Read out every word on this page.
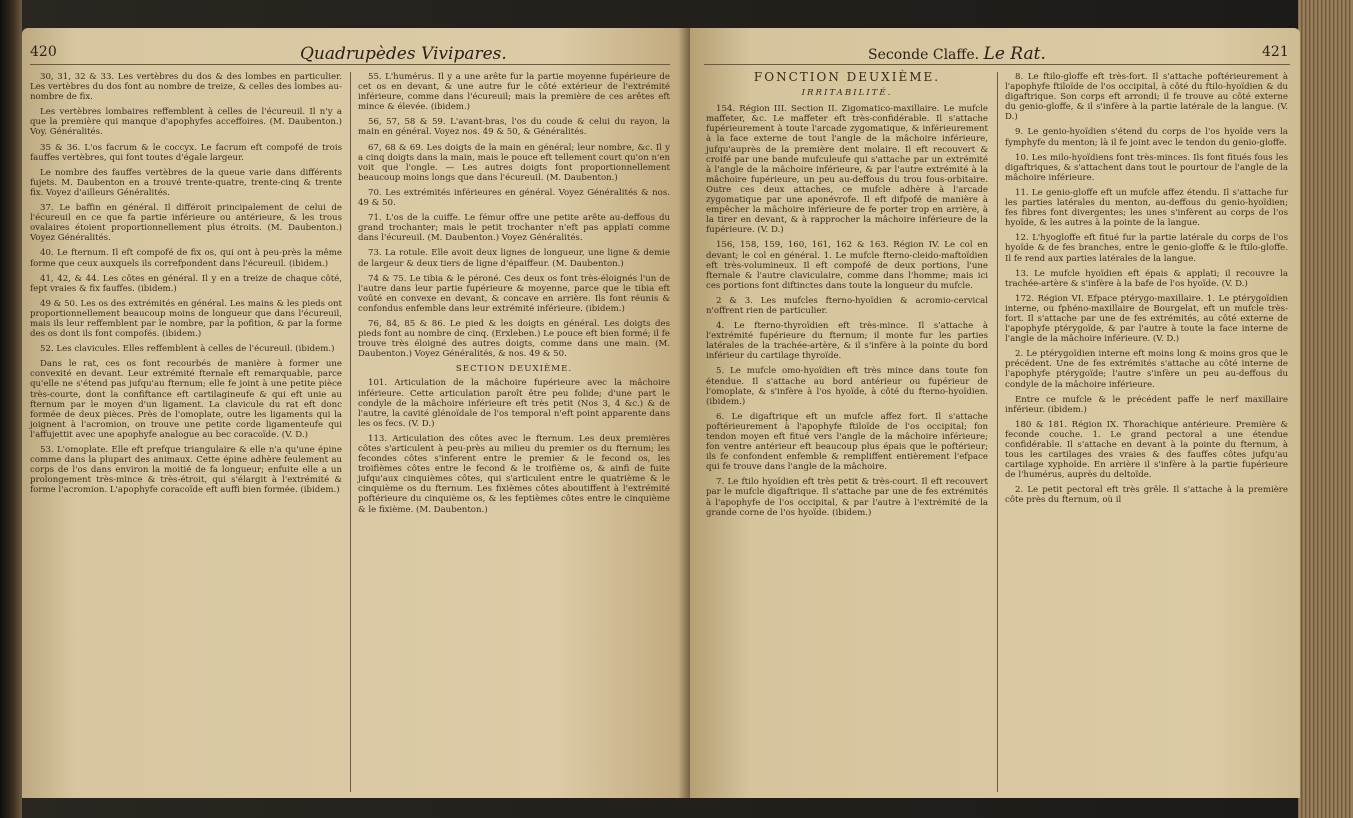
420	Quadrupèdes Vivipares.

30, 31, 32 & 33. Les vertèbres du dos & des lombes en particulier. Les vertèbres du dos font au nombre de treize, & celles des lombes au-nombre de fix.

Les vertèbres lombaires reffemblent à celles de l'écureuil. Il n'y a que la première qui manque d'apophyfes acceffoires. (M. Daubenton.) Voy. Généralités.

35 & 36. L'os facrum & le coccyx. Le facrum eft compofé de trois fauffes vertèbres, qui font toutes d'égale largeur.

Le nombre des fauffes vertèbres de la queue varie dans différents fujets. M. Daubenton en a trouvé trente-quatre, trente-cinq & trente fix. Voyez d'ailleurs Généralités.

37. Le baffin en général. Il différoit principalement de celui de l'écureuil en ce que fa partie inférieure ou antérieure, & les trous ovalaires étoient proportionnellement plus étroits. (M. Daubenton.) Voyez Généralités.

40. Le fternum. Il eft compofé de fix os, qui ont à peu-près la même forme que ceux auxquels ils correfpondent dans l'écureuil. (ibidem.)

41, 42, & 44. Les côtes en général. Il y en a treize de chaque côté, fept vraies & fix fauffes. (ibidem.)

49 & 50. Les os des extrémités en général. Les mains & les pieds ont proportionnellement beaucoup moins de longueur que dans l'écureuil, mais ils leur reffemblent par le nombre, par la pofition, & par la forme des os dont ils font compofés. (ibidem.)

52. Les clavicules. Elles reffemblent à celles de l'écureuil. (ibidem.)

Dans le rat, ces os font recourbés de manière à former une convexité en devant. Leur extrémité fternale eft remarquable, parce qu'elle ne s'étend pas jufqu'au fternum; elle fe joint à une petite pièce très-courte, dont la confiftance eft cartilagineufe & qui eft unie au fternum par le moyen d'un ligament. La clavicule du rat eft donc formée de deux pièces. Près de l'omoplate, outre les ligaments qui la joignent à l'acromion, on trouve une petite corde ligamenteufe qui l'affujettit avec une apophyfe analogue au bec coracoïde. (V. D.)

53. L'omoplate. Elle eft prefque triangulaire & elle n'a qu'une épine comme dans la plupart des animaux. Cette épine adhère feulement au corps de l'os dans environ la moitié de fa longueur; enfuite elle a un prolongement très-mince & très-étroit, qui s'élargit à l'extrémité & forme l'acromion. L'apophyfe coracoïde eft auffi bien formée. (ibidem.)

55. L'humérus. Il y a une arête fur la partie moyenne fupérieure de cet os en devant, & une autre fur le côté extérieur de l'extrémité inférieure, comme dans l'écureuil; mais la première de ces arêtes eft mince & élevée. (ibidem.)

56, 57, 58 & 59. L'avant-bras, l'os du coude & celui du rayon, la main en général. Voyez nos. 49 & 50, & Généralités.

67, 68 & 69. Les doigts de la main en général; leur nombre, &c. Il y a cinq doigts dans la main, mais le pouce eft tellement court qu'on n'en voit que l'ongle. — Les autres doigts font proportionnellement beaucoup moins longs que dans l'écureuil. (M. Daubenton.)

70. Les extrémités inférieures en général. Voyez Généralités & nos. 49 & 50.

71. L'os de la cuiffe. Le fémur offre une petite arête au-deffous du grand trochanter; mais le petit trochanter n'eft pas applati comme dans l'écureuil. (M. Daubenton.) Voyez Généralités.

73. La rotule. Elle avoit deux lignes de longueur, une ligne & demie de largeur & deux tiers de ligne d'épaiffeur. (M. Daubenton.)

74 & 75. Le tibia & le péroné. Ces deux os font très-éloignés l'un de l'autre dans leur partie fupérieure & moyenne, parce que le tibia eft voûté en convexe en devant, & concave en arrière. Ils font réunis & confondus enfemble dans leur extrémité inférieure. (ibidem.)

76, 84, 85 & 86. Le pied & les doigts en général. Les doigts des pieds font au nombre de cinq. (Erxleben.) Le pouce eft bien formé; il fe trouve très éloigné des autres doigts, comme dans une main. (M. Daubenton.) Voyez Généralités, & nos. 49 & 50.

SECTION DEUXIÈME.

101. Articulation de la mâchoire fupérieure avec la mâchoire inférieure. Cette articulation paroît être peu folide; d'une part le condyle de la mâchoire inférieure eft très petit (Nos 3, 4 &c.) & de l'autre, la cavité glénoïdale de l'os temporal n'eft point apparente dans les os fecs. (V. D.)

113. Articulation des côtes avec le fternum. Les deux premières côtes s'articulent à peu-près au milieu du premier os du fternum; les fecondes côtes s'inferent entre le premier & le fecond os, les troifièmes côtes entre le fecond & le troifième os, & ainfi de fuite jufqu'aux cinquièmes côtes, qui s'articulent entre le quatrième & le cinquième os du fternum. Les fixièmes côtes aboutiffent à l'extrémité poftérieure du cinquième os, & les feptièmes côtes entre le cinquième & le fixième. (M. Daubenton.)

Seconde Claffe. Le Rat.	421

FONCTION DEUXIÈME.

IRRITABILITÉ.

154. Région III. Section II. Zigomatico-maxillaire. Le mufcle maffeter, &c. Le maffeter eft très-confidérable. Il s'attache fupérieurement à toute l'arcade zygomatique, & inférieurement à la face externe de tout l'angle de la mâchoire inférieure, jufqu'auprès de la première dent molaire. Il eft recouvert & croifé par une bande mufculeufe qui s'attache par un extrémité à l'angle de la mâchoire inférieure, & par l'autre extrémité à la mâchoire fupérieure, un peu au-deffous du trou fous-orbitaire. Outre ces deux attaches, ce mufcle adhère à l'arcade zygomatique par une aponévrofe. Il eft difpofé de manière à empêcher la mâchoire inférieure de fe porter trop en arrière, à la tirer en devant, & à rapprocher la mâchoire inférieure de la fupérieure. (V. D.)

156, 158, 159, 160, 161, 162 & 163. Région IV. Le col en devant; le col en général. 1. Le mufcle fterno-cleido-maftoïdien eft très-volumineux. Il eft compofé de deux portions, l'une fternale & l'autre claviculaire, comme dans l'homme; mais ici ces portions font diftinctes dans toute la longueur du mufcle.

2 & 3. Les mufcles fterno-hyoïdien & acromio-cervical n'offrent rien de particulier.

4. Le fterno-thyroïdien eft très-mince. Il s'attache à l'extrémité fupérieure du fternum; il monte fur les parties latérales de la trachée-artère, & il s'infère à la pointe du bord inférieur du cartilage thyroïde.

5. Le mufcle omo-hyoïdien eft très mince dans toute fon étendue. Il s'attache au bord antérieur ou fupérieur de l'omoplate, & s'infère à l'os hyoïde, à côté du fterno-hyoïdien. (ibidem.)

6. Le digaftrique eft un mufcle affez fort. Il s'attache poftérieurement à l'apophyfe ftiloïde de l'os occipital; fon tendon moyen eft fitué vers l'angle de la mâchoire inférieure; fon ventre antérieur eft beaucoup plus épais que le poftérieur; ils fe confondent enfemble & rempliffent entièrement l'efpace qui fe trouve dans l'angle de la mâchoire.

7. Le ftilo hyoïdien eft très petit & très-court. Il eft recouvert par le mufcle digaftrique. Il s'attache par une de fes extrémités à l'apophyfe de l'os occipital, & par l'autre à l'extrémité de la grande corne de l'os hyoïde. (ibidem.)

8. Le ftilo-gloffe eft très-fort. Il s'attache poftérieurement à l'apophyfe ftiloïde de l'os occipital, à côté du ftilo-hyoïdien & du digaftrique. Son corps eft arrondi; il fe trouve au côté externe du genio-gloffe, & il s'infère à la partie latérale de la langue. (V. D.)

9. Le genio-hyoïdien s'étend du corps de l'os hyoïde vers la fymphyfe du menton; là il fe joint avec le tendon du genio-gloffe.

10. Les milo-hyoïdiens font très-minces. Ils font fitués fous les digaftriques, & s'attachent dans tout le pourtour de l'angle de la mâchoire inférieure.

11. Le genio-gloffe eft un mufcle affez étendu. Il s'attache fur les parties latérales du menton, au-deffous du genio-hyoïdien; fes fibres font divergentes; les unes s'infèrent au corps de l'os hyoïde, & les autres à la pointe de la langue.

12. L'hyogloffe eft fitué fur la partie latérale du corps de l'os hyoïde & de fes branches, entre le genio-gloffe & le ftilo-gloffe. Il fe rend aux parties latérales de la langue.

13. Le mufcle hyoïdien eft épais & applati; il recouvre la trachée-artère & s'infère à la bafe de l'os hyoïde. (V. D.)

172. Région VI. Efpace ptérygo-maxillaire. 1. Le ptérygoïdien interne, ou fphéno-maxillaire de Bourgelat, eft un mufcle très-fort. Il s'attache par une de fes extrémités, au côté externe de l'apophyfe ptérygoïde, & par l'autre à toute la face interne de l'angle de la mâchoire inférieure. (V. D.)

2. Le ptérygoïdien interne eft moins long & moins gros que le précédent. Une de fes extrémités s'attache au côté interne de l'apophyfe ptérygoïde; l'autre s'infère un peu au-deffous du condyle de la mâchoire inférieure.

Entre ce mufcle & le précédent paffe le nerf maxillaire inférieur. (ibidem.)

180 & 181. Région IX. Thorachique antérieure. Première & feconde couche. 1. Le grand pectoral a une étendue confidérable. Il s'attache en devant à la pointe du fternum, à tous les cartilages des vraies & des fauffes côtes jufqu'au cartilage xyphoïde. En arrière il s'infère à la partie fupérieure de l'humérus, auprès du deltoïde.

2. Le petit pectoral eft très grêle. Il s'attache à la première côte près du fternum, où il
